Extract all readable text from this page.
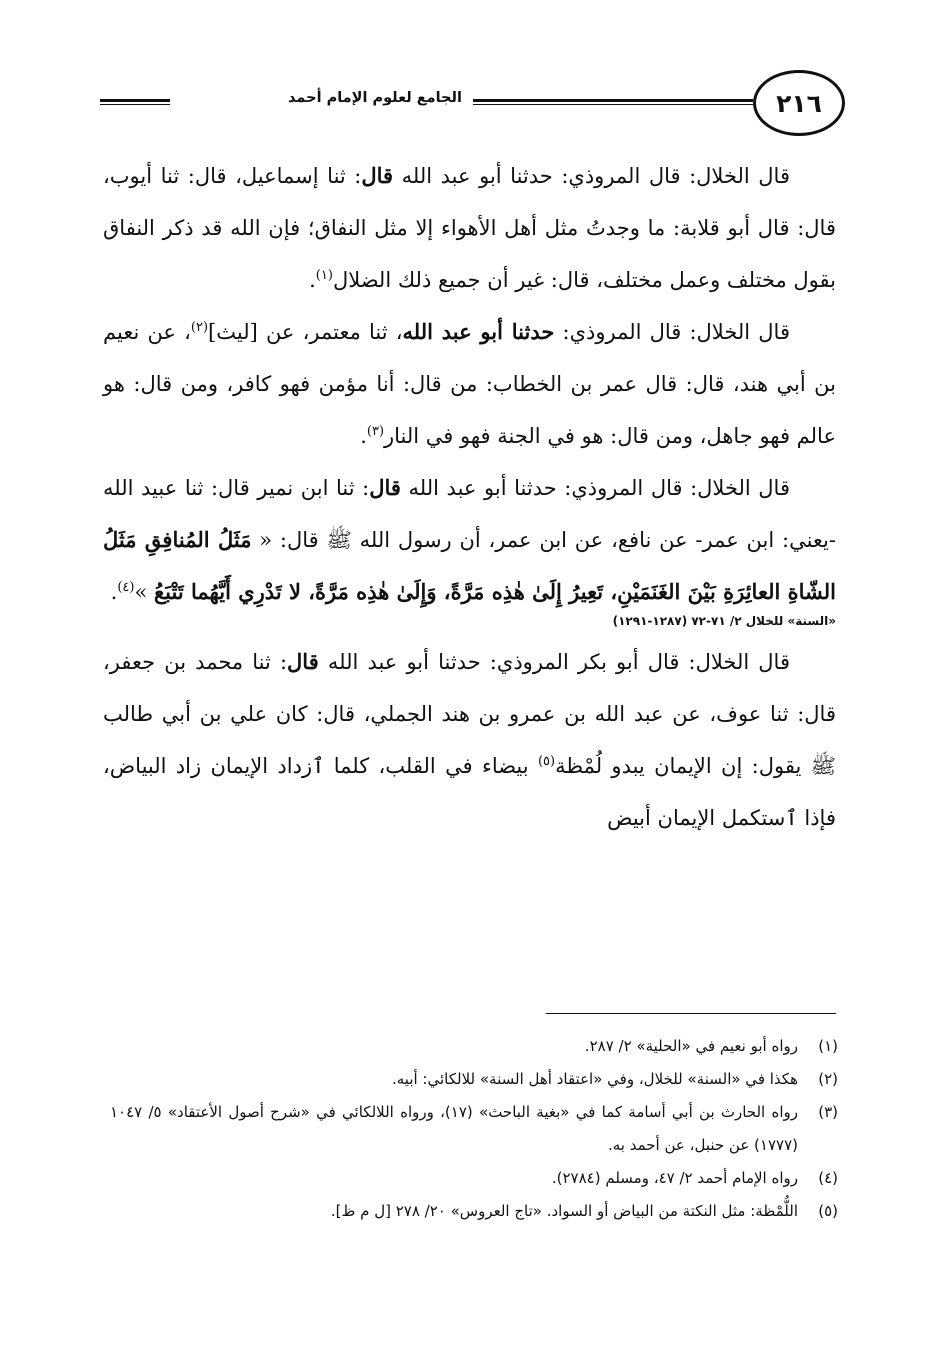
٢١٦
الجامع لعلوم الإمام أحمد

قال الخلال: قال المروذي: حدثنا أبو عبد الله قال: ثنا إسماعيل، قال: ثنا أيوب، قال: قال أبو قلابة: ما وجدتُ مثل أهل الأهواء إلا مثل النفاق؛ فإن الله قد ذكر النفاق بقول مختلف وعمل مختلف، قال: غير أن جميع ذلك الضلال$^{(١)}$.

قال الخلال: قال المروذي: حدثنا أبو عبد الله، ثنا معتمر، عن [ليث]$^{(٢)}$، عن نعيم بن أبي هند، قال: قال عمر بن الخطاب: من قال: أنا مؤمن فهو كافر، ومن قال: هو عالم فهو جاهل، ومن قال: هو في الجنة فهو في النار$^{(٣)}$.

قال الخلال: قال المروذي: حدثنا أبو عبد الله قال: ثنا ابن نمير قال: ثنا عبيد الله -يعني: ابن عمر- عن نافع، عن ابن عمر، أن رسول الله ﷺ قال: « مَثَلُ المُنافِقِ مَثَلُ الشّاةِ العائِرَةِ بَيْنَ الغَنَمَيْنِ، تَعِيرُ إِلَىٰ هٰذِه مَرَّةً، وَإِلَىٰ هٰذِه مَرَّةً، لا تَدْرِي أَيَّهُما تَتْبَعُ »$^{(٤)}$.

«السنة» للخلال ٢/ ٧١-٧٢ (١٢٨٧-١٢٩١)

قال الخلال: قال أبو بكر المروذي: حدثنا أبو عبد الله قال: ثنا محمد بن جعفر، قال: ثنا عوف، عن عبد الله بن عمرو بن هند الجملي، قال: كان علي بن أبي طالب ﷺ يقول: إن الإيمان يبدو لُمْظة$^{(٥)}$ بيضاء في القلب، كلما ٱزداد الإيمان زاد البياض، فإذا ٱستكمل الإيمان أبيض

(١)
رواه أبو نعيم في «الحلية» ٢/ ٢٨٧.
(٢)
هكذا في «السنة» للخلال، وفي «اعتقاد أهل السنة» للالكائي: أبيه.
(٣)
رواه الحارث بن أبي أسامة كما في «بغية الباحث» (١٧)، ورواه اللالكائي في «شرح أصول الأعتقاد» ٥/ ١٠٤٧ (١٧٧٧) عن حنبل، عن أحمد به.
(٤)
رواه الإمام أحمد ٢/ ٤٧، ومسلم (٢٧٨٤).
(٥)
اللُّمْظة: مثل النكتة من البياض أو السواد. «تاج العروس» ٢٠/ ٢٧٨ [ل م ظ].
